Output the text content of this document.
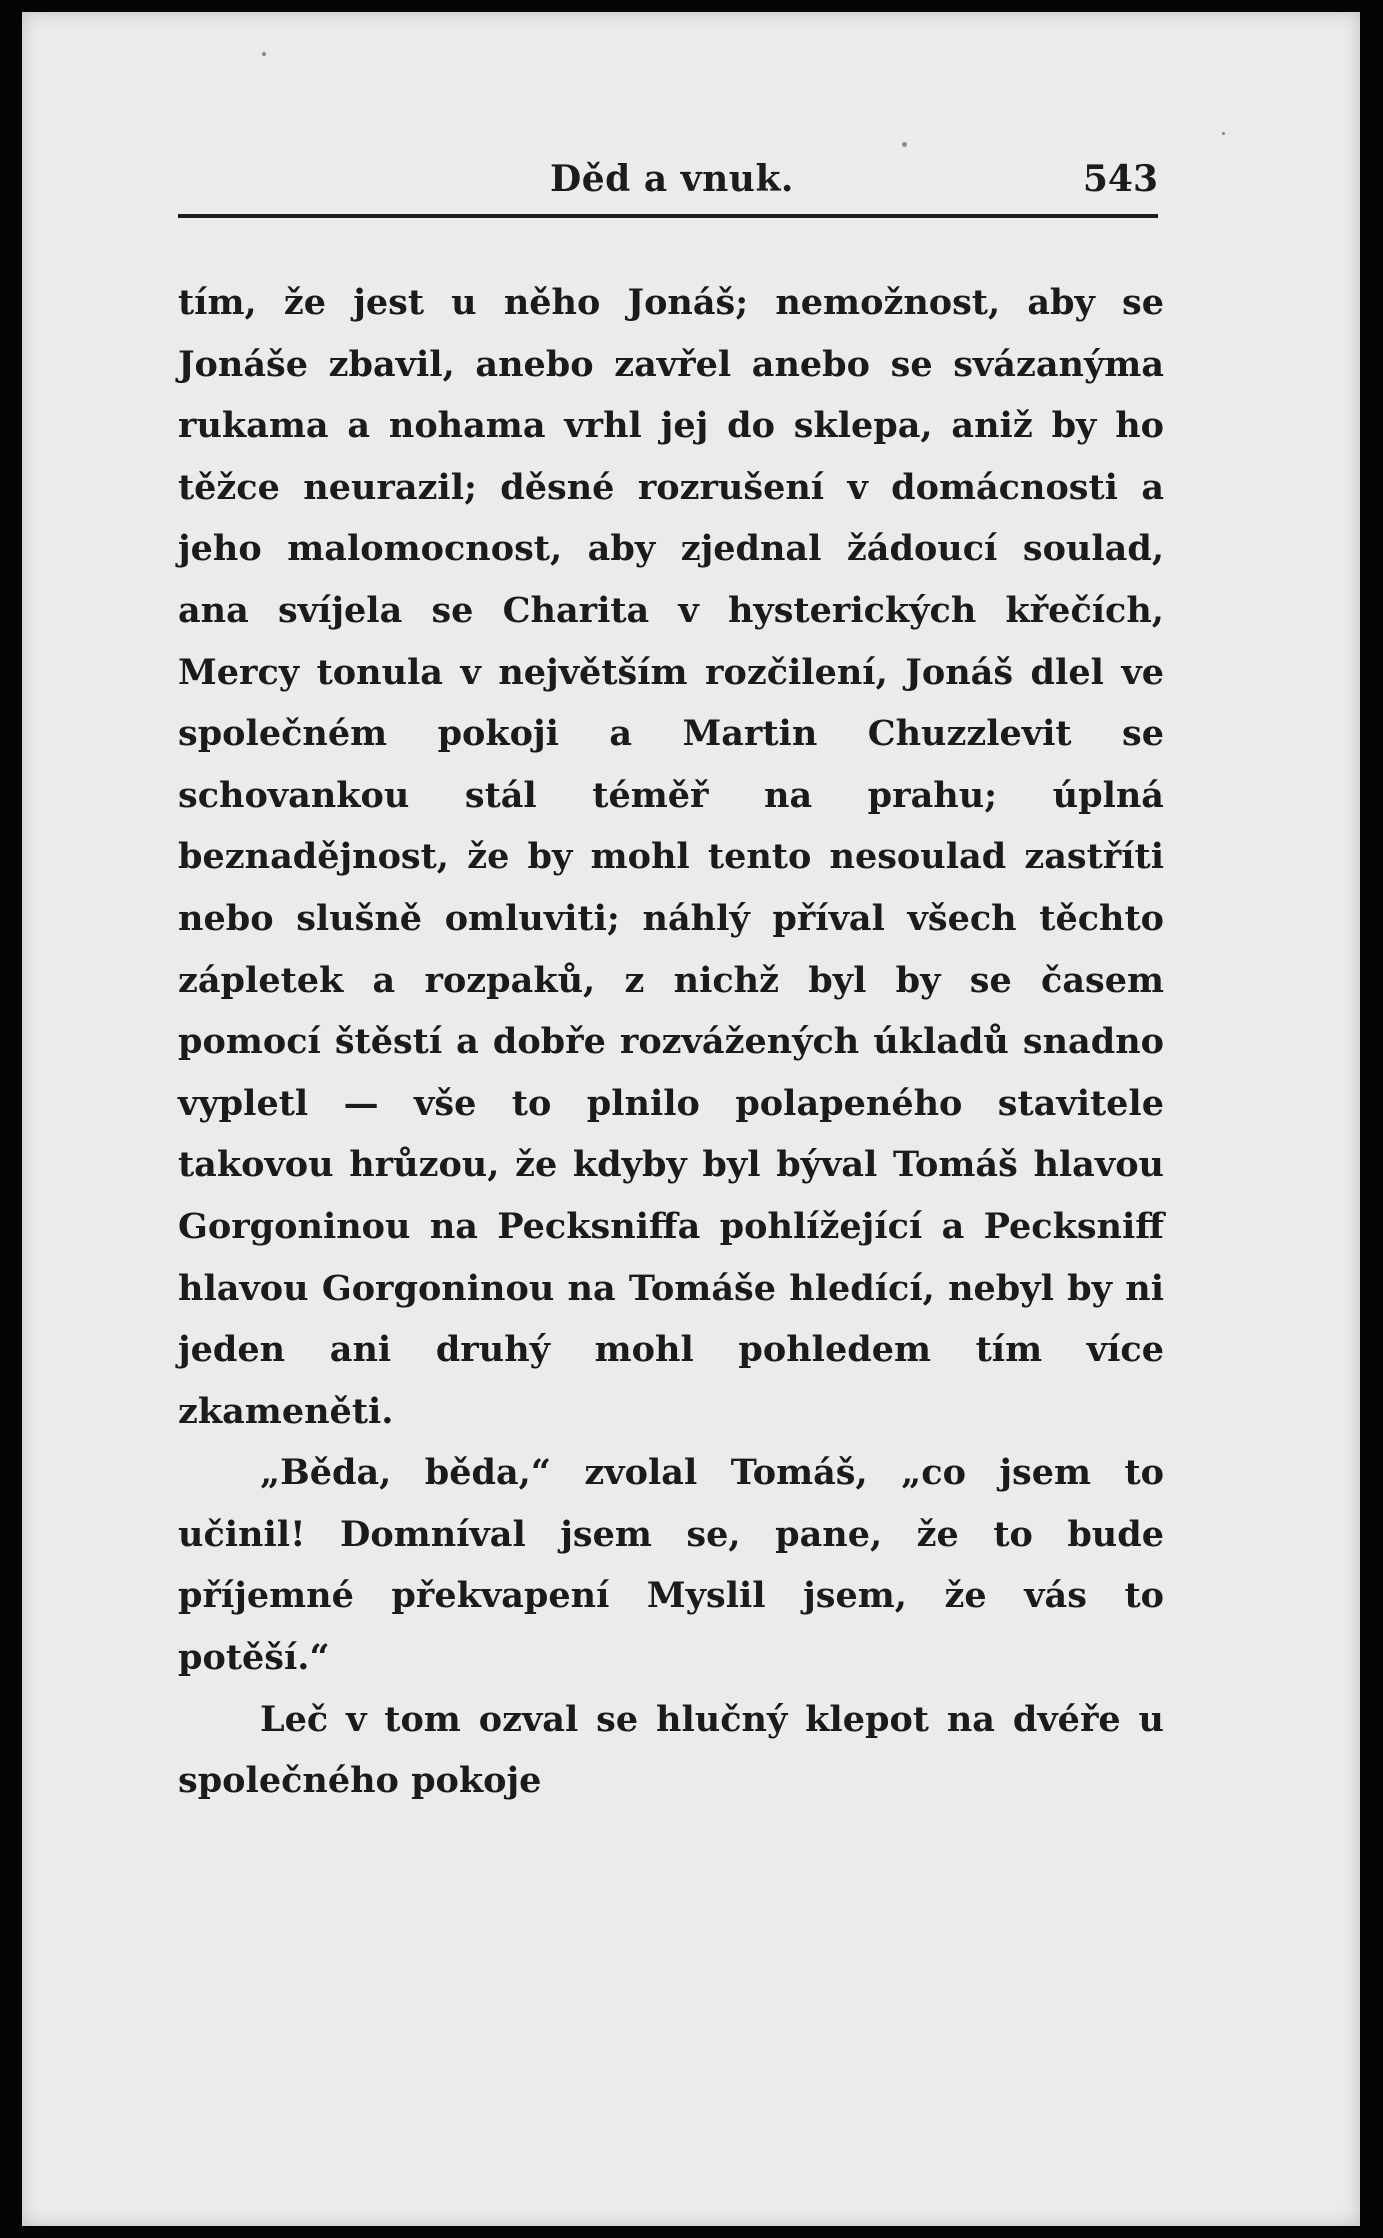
Děd a vnuk.	543

tím, že jest u něho Jonáš; nemožnost, aby se Jonáše zbavil, anebo zavřel anebo se svázanýma rukama a nohama vrhl jej do sklepa, aniž by ho těžce neurazil; děsné rozrušení v domácnosti a jeho malomocnost, aby zjednal žádoucí soulad, ana svíjela se Charita v hysterických křečích, Mercy tonula v největším rozčilení, Jonáš dlel ve společném pokoji a Martin Chuzzlevit se schovankou stál téměř na prahu; úplná beznadějnost, že by mohl tento nesoulad zastříti nebo slušně omluviti; náhlý příval všech těchto zápletek a rozpaků, z nichž byl by se časem pomocí štěstí a dobře rozvážených úkladů snadno vypletl — vše to plnilo polapeného stavitele takovou hrůzou, že kdyby byl býval Tomáš hlavou Gorgoninou na Pecksniffa pohlížející a Pecksniff hlavou Gorgoninou na Tomáše hledící, nebyl by ni jeden ani druhý mohl pohledem tím více zkameněti.

„Běda, běda,“ zvolal Tomáš, „co jsem to učinil! Domníval jsem se, pane, že to bude příjemné překvapení Myslil jsem, že vás to potěší.“

Leč v tom ozval se hlučný klepot na dvéře u společného pokoje
